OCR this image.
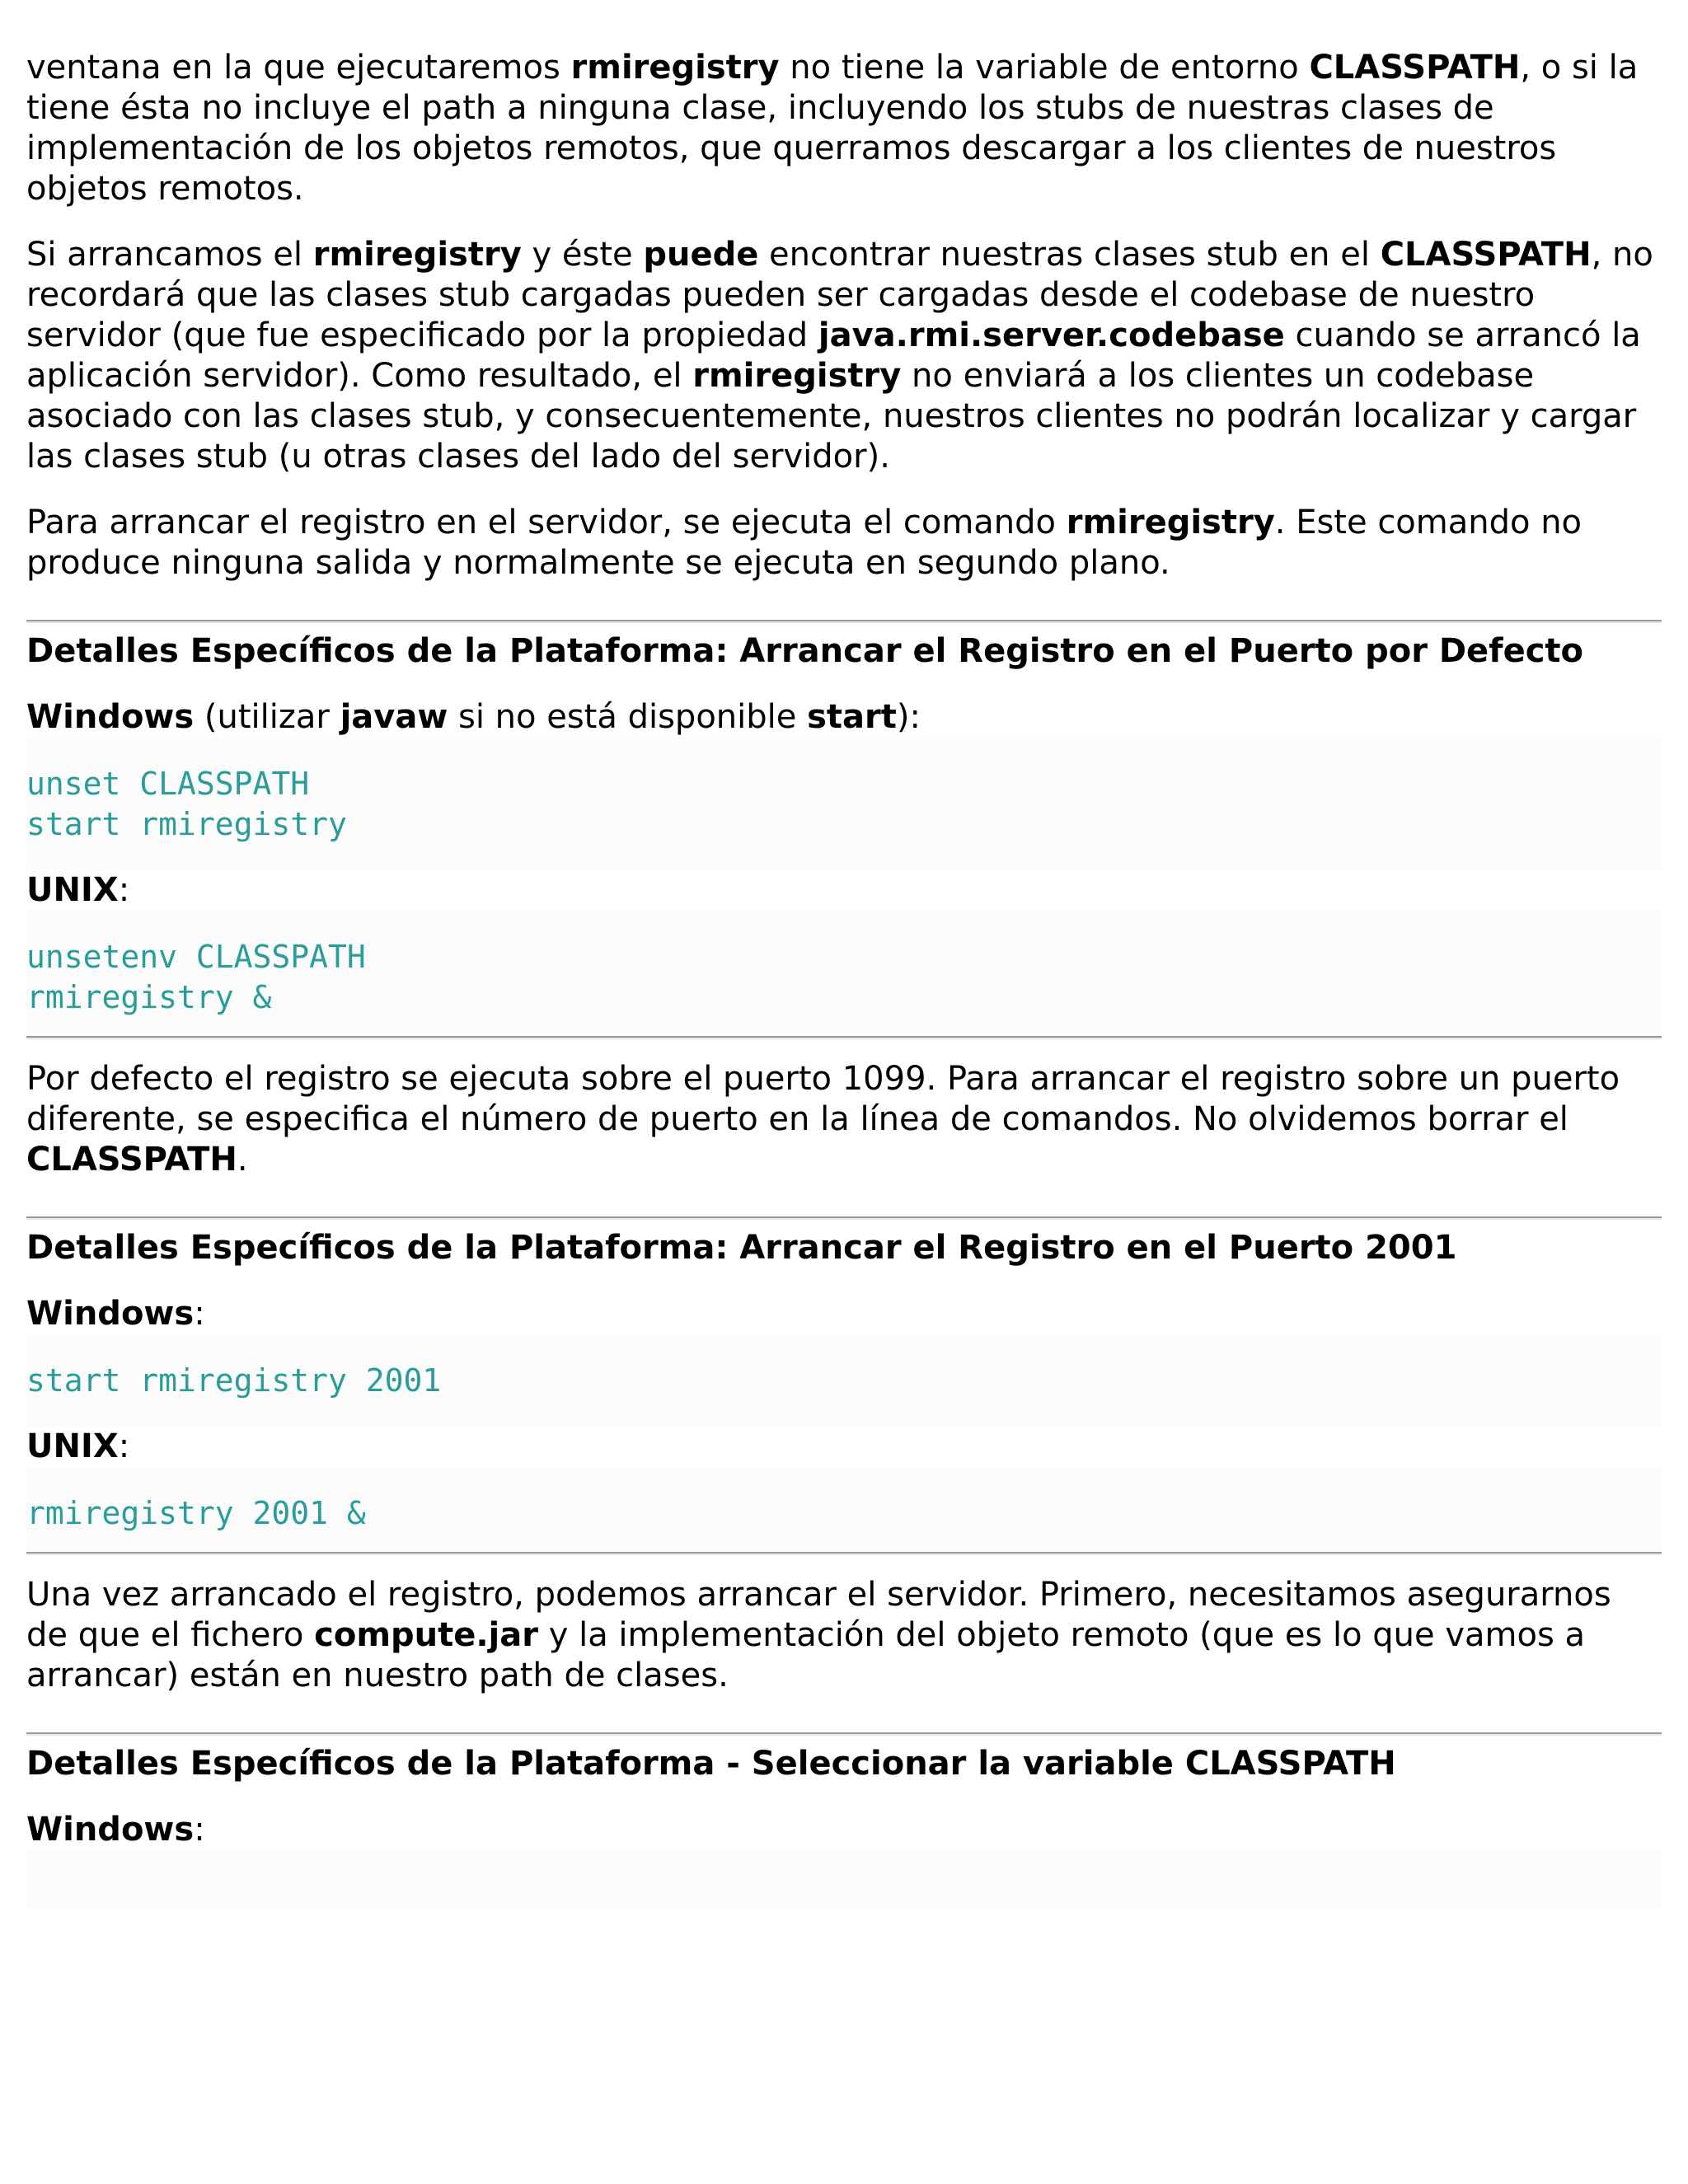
ventana en la que ejecutaremos rmiregistry no tiene la variable de entorno CLASSPATH, o si la tiene ésta no incluye el path a ninguna clase, incluyendo los stubs de nuestras clases de implementación de los objetos remotos, que querramos descargar a los clientes de nuestros objetos remotos.

Si arrancamos el rmiregistry y éste puede encontrar nuestras clases stub en el CLASSPATH, no recordará que las clases stub cargadas pueden ser cargadas desde el codebase de nuestro servidor (que fue especificado por la propiedad java.rmi.server.codebase cuando se arrancó la aplicación servidor). Como resultado, el rmiregistry no enviará a los clientes un codebase asociado con las clases stub, y consecuentemente, nuestros clientes no podrán localizar y cargar las clases stub (u otras clases del lado del servidor).

Para arrancar el registro en el servidor, se ejecuta el comando rmiregistry. Este comando no produce ninguna salida y normalmente se ejecuta en segundo plano.

Detalles Específicos de la Plataforma: Arrancar el Registro en el Puerto por Defecto

Windows (utilizar javaw si no está disponible start):

unset CLASSPATH
start rmiregistry

UNIX:

unsetenv CLASSPATH
rmiregistry &

Por defecto el registro se ejecuta sobre el puerto 1099. Para arrancar el registro sobre un puerto diferente, se especifica el número de puerto en la línea de comandos. No olvidemos borrar el CLASSPATH.

Detalles Específicos de la Plataforma: Arrancar el Registro en el Puerto 2001

Windows:

start rmiregistry 2001

UNIX:

rmiregistry 2001 &

Una vez arrancado el registro, podemos arrancar el servidor. Primero, necesitamos asegurarnos de que el fichero compute.jar y la implementación del objeto remoto (que es lo que vamos a arrancar) están en nuestro path de clases.

Detalles Específicos de la Plataforma - Seleccionar la variable CLASSPATH

Windows:
